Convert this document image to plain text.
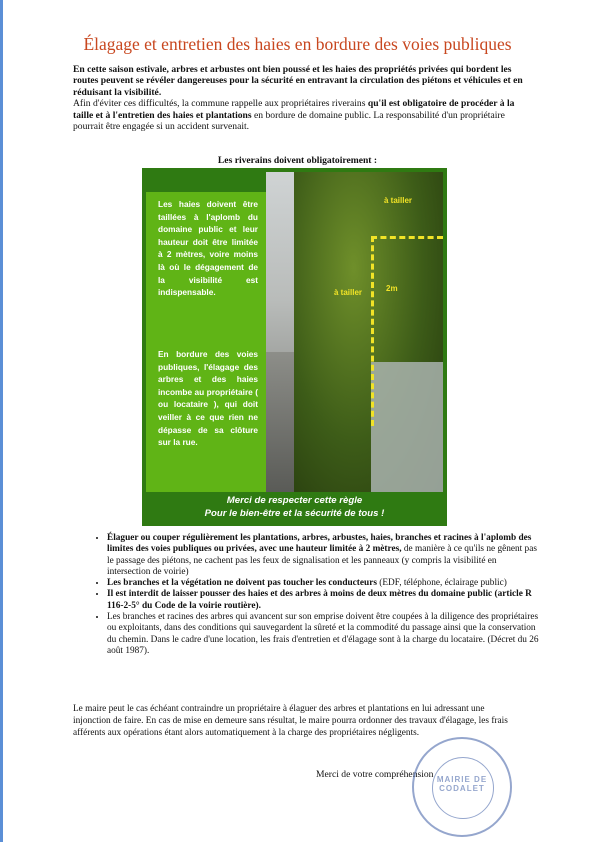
Élagage et entretien des haies en bordure des voies publiques

En cette saison estivale, arbres et arbustes ont bien poussé et les haies des propriétés privées qui bordent les routes peuvent se révéler dangereuses pour la sécurité en entravant la circulation des piétons et véhicules et en réduisant la visibilité.

Afin d'éviter ces difficultés, la commune rappelle aux propriétaires riverains qu'il est obligatoire de procéder à la taille et à l'entretien des haies et plantations en bordure de domaine public. La responsabilité d'un propriétaire pourrait être engagée si un accident survenait.

Les riverains doivent obligatoirement :
Les haies doivent être taillées à l'aplomb du domaine public et leur hauteur doit être limitée à 2 mètres, voire moins là où le dégagement de la visibilité est indispensable.
En bordure des voies publiques, l'élagage des arbres et des haies incombe au propriétaire ( ou locataire ), qui doit veiller à ce que rien ne dépasse de sa clôture sur la rue.
à tailler
à tailler	2m
Merci de respecter cette règle
Pour le bien-être et la sécurité de tous !
• Élaguer ou couper régulièrement les plantations, arbres, arbustes, haies, branches et racines à l'aplomb des limites des voies publiques ou privées, avec une hauteur limitée à 2 mètres, de manière à ce qu'ils ne gênent pas le passage des piétons, ne cachent pas les feux de signalisation et les panneaux (y compris la visibilité en intersection de voirie)
• Les branches et la végétation ne doivent pas toucher les conducteurs (EDF, téléphone, éclairage public)
• Il est interdit de laisser pousser des haies et des arbres à moins de deux mètres du domaine public (article R 116-2-5° du Code de la voirie routière).
• Les branches et racines des arbres qui avancent sur son emprise doivent être coupées à la diligence des propriétaires ou exploitants, dans des conditions qui sauvegardent la sûreté et la commodité du passage ainsi que la conservation du chemin. Dans le cadre d'une location, les frais d'entretien et d'élagage sont à la charge du locataire. (Décret du 26 août 1987).
Le maire peut le cas échéant contraindre un propriétaire à élaguer des arbres et plantations en lui adressant une injonction de faire. En cas de mise en demeure sans résultat, le maire pourra ordonner des travaux d'élagage, les frais afférents aux opérations étant alors automatiquement à la charge des propriétaires négligents.
Merci de votre compréhension MAIRIE DE CODALET
